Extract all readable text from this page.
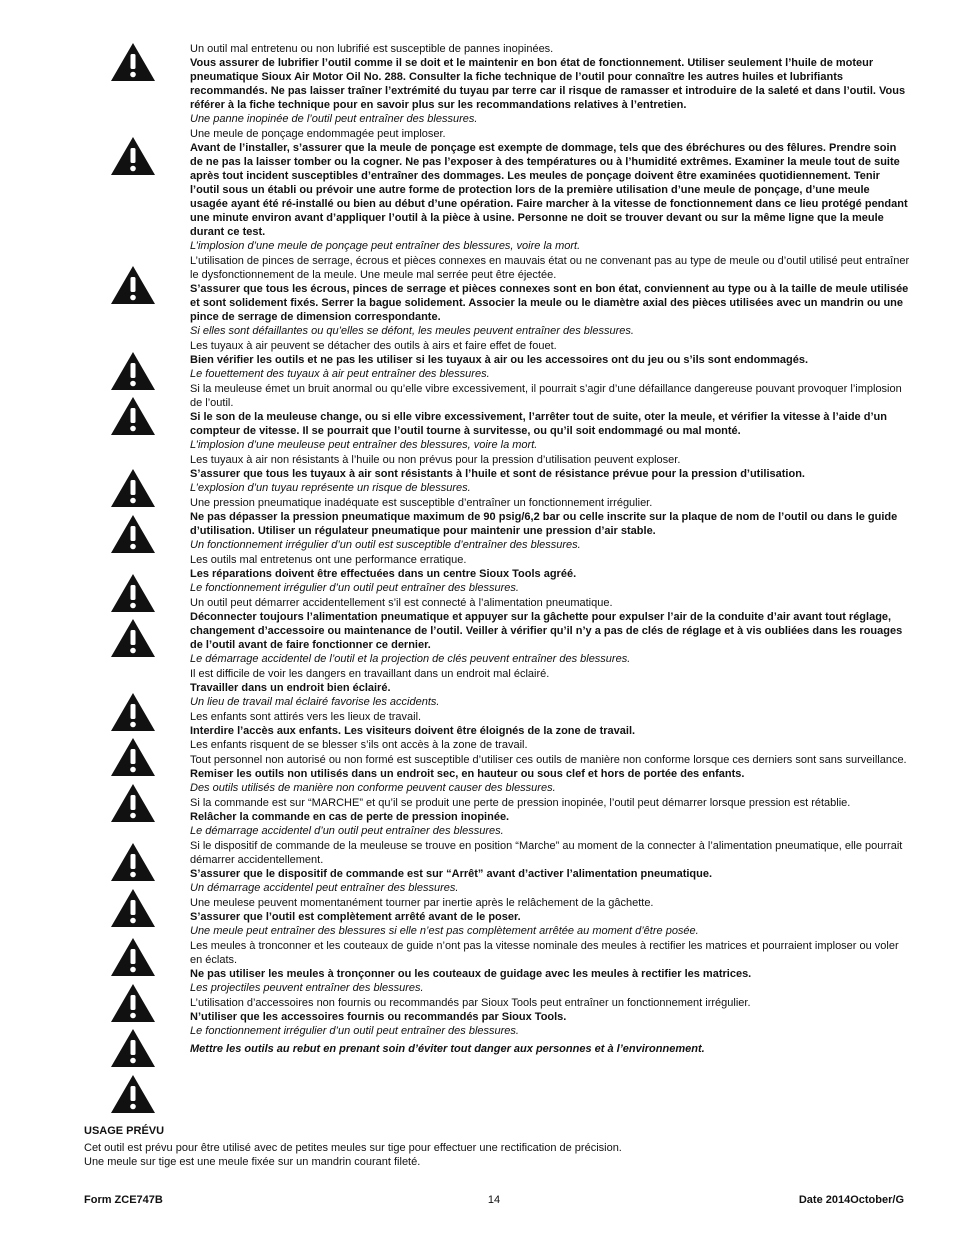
Un outil mal entretenu ou non lubrifié est susceptible de pannes inopinées.

Vous assurer de lubrifier l’outil comme il se doit et le maintenir en bon état de fonctionnement. Utiliser seulement l’huile de moteur pneumatique Sioux Air Motor Oil No. 288. Consulter la fiche technique de l’outil pour connaître les autres huiles et lubrifiants recommandés. Ne pas laisser traîner l’extrémité du tuyau par terre car il risque de ramasser et introduire de la saleté et dans l’outil. Vous référer à la fiche technique pour en savoir plus sur les recommandations relatives à l’entretien.

Une panne inopinée de l’outil peut entraîner des blessures.

Une meule de ponçage endommagée peut imploser.

Avant de l’installer, s’assurer que la meule de ponçage est exempte de dommage, tels que des ébréchures ou des fêlures. Prendre soin de ne pas la laisser tomber ou la cogner. Ne pas l’exposer à des températures ou à l’humidité extrêmes. Examiner la meule tout de suite après tout incident susceptibles d’entraîner des dommages. Les meules de ponçage doivent être examinées quotidiennement. Tenir l’outil sous un établi ou prévoir une autre forme de protection lors de la première utilisation d’une meule de ponçage, d’une meule usagée ayant été ré-installé ou bien au début d’une opération. Faire marcher à la vitesse de fonctionnement dans ce lieu protégé pendant une minute environ avant d’appliquer l’outil à la pièce à usine. Personne ne doit se trouver devant ou sur la même ligne que la meule durant ce test.

L’implosion d’une meule de ponçage peut entraîner des blessures, voire la mort.

L’utilisation de pinces de serrage, écrous et pièces connexes en mauvais état ou ne convenant pas au type de meule ou d’outil utilisé peut entraîner le dysfonctionnement de la meule. Une meule mal serrée peut être éjectée.

S’assurer que tous les écrous, pinces de serrage et pièces connexes sont en bon état, conviennent au type ou à la taille de meule utilisée et sont solidement fixés. Serrer la bague solidement. Associer la meule ou le diamètre axial des pièces utilisées avec un mandrin ou une pince de serrage de dimension correspondante.

Si elles sont défaillantes ou qu’elles se défont, les meules peuvent entraîner des blessures.

Les tuyaux à air peuvent se détacher des outils à airs et faire effet de fouet.

Bien vérifier les outils et ne pas les utiliser si les tuyaux à air ou les accessoires ont du jeu ou s’ils sont endommagés.

Le fouettement des tuyaux à air peut entraîner des blessures.

Si la meuleuse émet un bruit anormal ou qu’elle vibre excessivement, il pourrait s’agir d’une défaillance dangereuse pouvant provoquer l’implosion de l’outil.

Si le son de la meuleuse change, ou si elle vibre excessivement, l’arrêter tout de suite, oter la meule, et vérifier la vitesse à l’aide d’un compteur de vitesse. Il se pourrait que l’outil tourne à survitesse, ou qu’il soit endommagé ou mal monté.

L’implosion d’une meuleuse peut entraîner des blessures, voire la mort.

Les tuyaux à air non résistants à l’huile ou non prévus pour la pression d’utilisation peuvent exploser.

S’assurer que tous les tuyaux à air sont résistants à l’huile et sont de résistance prévue pour la pression d’utilisation.

L’explosion d’un tuyau représente un risque de blessures.

Une pression pneumatique inadéquate est susceptible d’entraîner un fonctionnement irrégulier.

Ne pas dépasser la pression pneumatique maximum de 90 psig/6,2 bar ou celle inscrite sur la plaque de nom de l’outil ou dans le guide d’utilisation. Utiliser un régulateur pneumatique pour maintenir une pression d’air stable.

Un fonctionnement irrégulier d’un outil est susceptible d’entraîner des blessures.

Les outils mal entretenus ont une performance erratique.

Les réparations doivent être effectuées dans un centre Sioux Tools agréé.

Le fonctionnement irrégulier d’un outil peut entraîner des blessures.

Un outil peut démarrer accidentellement s’il est connecté à l’alimentation pneumatique.

Déconnecter toujours l’alimentation pneumatique et appuyer sur la gâchette pour expulser l’air de la conduite d’air avant tout réglage, changement d’accessoire ou maintenance de l’outil. Veiller à vérifier qu’il n’y a pas de clés de réglage et à vis oubliées dans les rouages de l’outil avant de faire fonctionner ce dernier.

Le démarrage accidentel de l’outil et la projection de clés peuvent entraîner des blessures.

Il est difficile de voir les dangers en travaillant dans un endroit mal éclairé.

Travailler dans un endroit bien éclairé.

Un lieu de travail mal éclairé favorise les accidents.

Les enfants sont attirés vers les lieux de travail.

Interdire l’accès aux enfants. Les visiteurs doivent être éloignés de la zone de travail.

Les enfants risquent de se blesser s’ils ont accès à la zone de travail.

Tout personnel non autorisé ou non formé est susceptible d’utiliser ces outils de manière non conforme lorsque ces derniers sont sans surveillance.

Remiser les outils non utilisés dans un endroit sec, en hauteur ou sous clef et hors de portée des enfants.

Des outils utilisés de manière non conforme peuvent causer des blessures.

Si la commande est sur “MARCHE” et qu’il se produit une perte de pression inopinée, l’outil peut démarrer lorsque pression est rétablie.

Relâcher la commande en cas de perte de pression inopinée.

Le démarrage accidentel d’un outil peut entraîner des blessures.

Si le dispositif de commande de la meuleuse se trouve en position “Marche” au moment de la connecter à l’alimentation pneumatique, elle pourrait démarrer accidentellement.

S’assurer que le dispositif de commande est sur “Arrêt” avant d’activer l’alimentation pneumatique.

Un démarrage accidentel peut entraîner des blessures.

Une meulese peuvent momentanément tourner par inertie après le relâchement de la gâchette.

S’assurer que l’outil est complètement arrêté avant de le poser.

Une meule peut entraîner des blessures si elle n’est pas complètement arrêtée au moment d’être posée.

Les meules à tronconner et les couteaux de guide n’ont pas la vitesse nominale des meules à rectifier les matrices et pourraient imploser ou voler en éclats.

Ne pas utiliser les meules à tronçonner ou les couteaux de guidage avec les meules à rectifier les matrices.

Les projectiles peuvent entraîner des blessures.

L’utilisation d’accessoires non fournis ou recommandés par Sioux Tools peut entraîner un fonctionnement irrégulier.

N’utiliser que les accessoires fournis ou recommandés par Sioux Tools.

Le fonctionnement irrégulier d’un outil peut entraîner des blessures.

Mettre les outils au rebut en prenant soin d’éviter tout danger aux personnes et à l’environnement.

USAGE PRÉVU

Cet outil est prévu pour être utilisé avec de petites meules sur tige pour effectuer une rectification de précision.

Une meule sur tige est une meule fixée sur un mandrin courant fileté.

14
Form ZCE747B	Date 2014October/G
